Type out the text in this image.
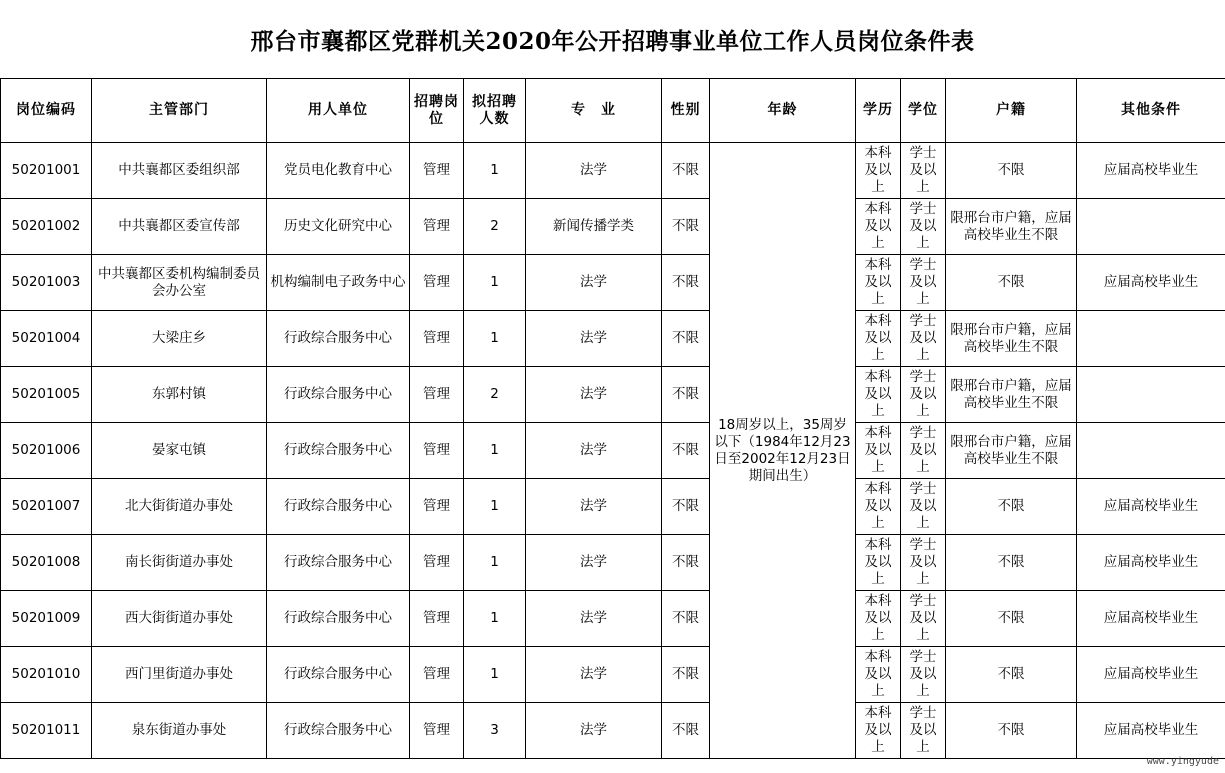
邢台市襄都区党群机关2020年公开招聘事业单位工作人员岗位条件表
岗位编码	主管部门	用人单位	招聘岗位	拟招聘人数	专　业	性别	年龄	学历	学位	户籍	其他条件
50201001	中共襄都区委组织部	党员电化教育中心	管理	1	法学	不限	18周岁以上，35周岁以下（1984年12月23日至2002年12月23日期间出生）	本科及以上	学士及以上	不限	应届高校毕业生
50201002	中共襄都区委宣传部	历史文化研究中心	管理	2	新闻传播学类	不限		本科及以上	学士及以上	限邢台市户籍，应届高校毕业生不限	
50201003	中共襄都区委机构编制委员会办公室	机构编制电子政务中心	管理	1	法学	不限		本科及以上	学士及以上	不限	应届高校毕业生
50201004	大梁庄乡	行政综合服务中心	管理	1	法学	不限		本科及以上	学士及以上	限邢台市户籍，应届高校毕业生不限	
50201005	东郭村镇	行政综合服务中心	管理	2	法学	不限		本科及以上	学士及以上	限邢台市户籍，应届高校毕业生不限	
50201006	晏家屯镇	行政综合服务中心	管理	1	法学	不限		本科及以上	学士及以上	限邢台市户籍，应届高校毕业生不限	
50201007	北大街街道办事处	行政综合服务中心	管理	1	法学	不限		本科及以上	学士及以上	不限	应届高校毕业生
50201008	南长街街道办事处	行政综合服务中心	管理	1	法学	不限		本科及以上	学士及以上	不限	应届高校毕业生
50201009	西大街街道办事处	行政综合服务中心	管理	1	法学	不限		本科及以上	学士及以上	不限	应届高校毕业生
50201010	西门里街道办事处	行政综合服务中心	管理	1	法学	不限		本科及以上	学士及以上	不限	应届高校毕业生
50201011	泉东街道办事处	行政综合服务中心	管理	3	法学	不限		本科及以上	学士及以上	不限	应届高校毕业生
www.yingyude
